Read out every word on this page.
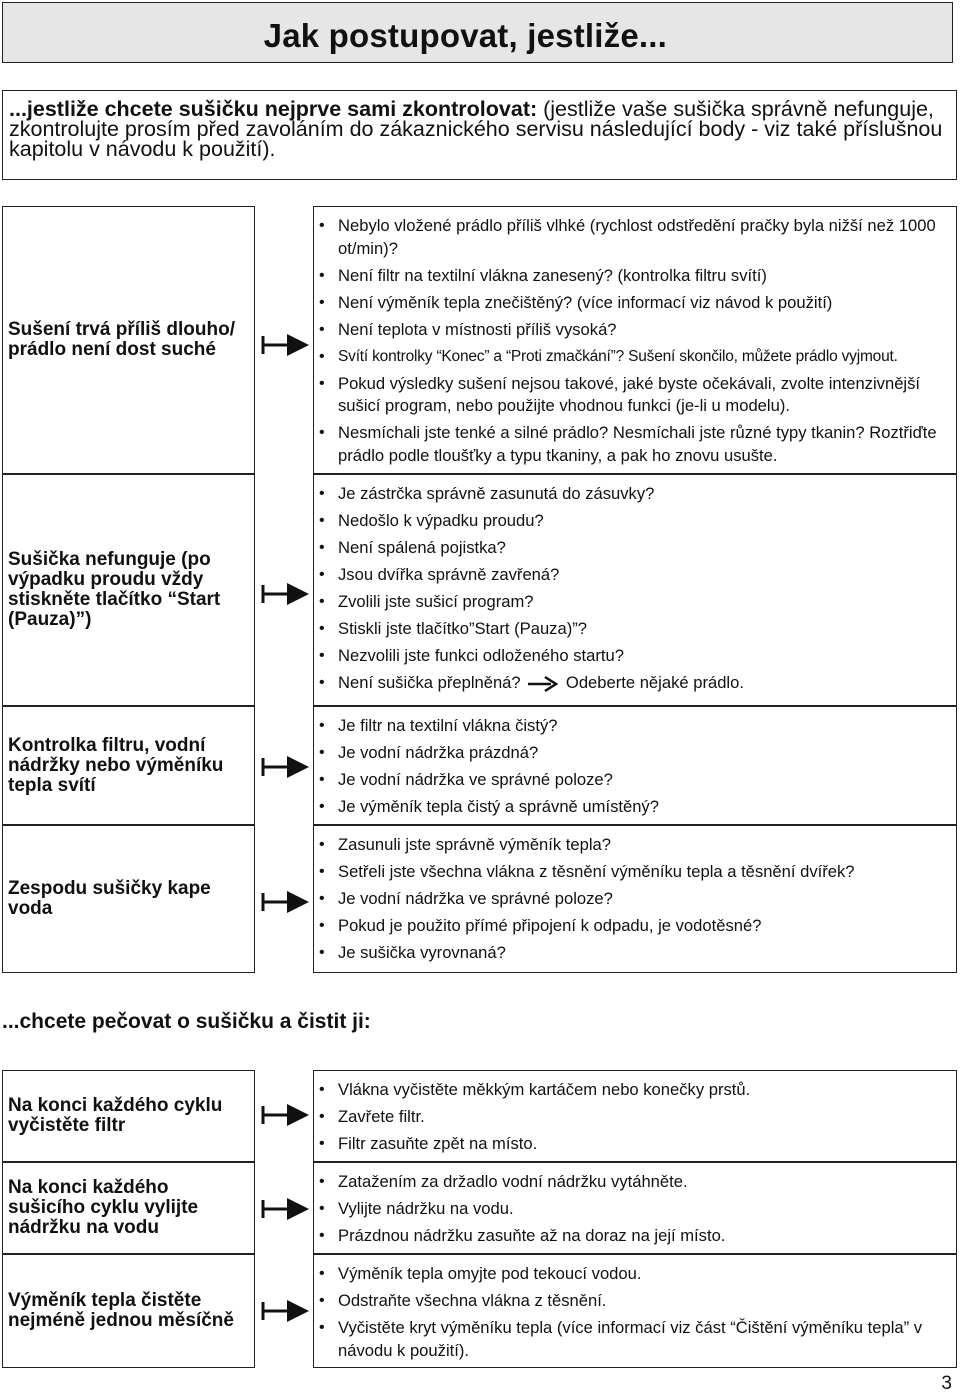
Jak postupovat, jestliže...
...jestliže chcete sušičku nejprve sami zkontrolovat: (jestliže vaše sušička správně nefunguje, zkontrolujte prosím před zavoláním do zákaznického servisu následující body - viz také příslušnou kapitolu v návodu k použití).
Sušení trvá příliš dlouho/ prádlo není dost suché
• Nebylo vložené prádlo příliš vlhké (rychlost odstředění pračky byla nižší než 1000 ot/min)?
• Není filtr na textilní vlákna zanesený? (kontrolka filtru svítí)
• Není výměník tepla znečištěný? (více informací viz návod k použití)
• Není teplota v místnosti příliš vysoká?
• Svítí kontrolky “Konec” a “Proti zmačkání”? Sušení skončilo, můžete prádlo vyjmout.
• Pokud výsledky sušení nejsou takové, jaké byste očekávali, zvolte intenzivnější sušicí program, nebo použijte vhodnou funkci (je-li u modelu).
• Nesmíchali jste tenké a silné prádlo? Nesmíchali jste různé typy tkanin? Roztřiďte prádlo podle tloušťky a typu tkaniny, a pak ho znovu usušte.
Sušička nefunguje (po výpadku proudu vždy stiskněte tlačítko “Start (Pauza)”)
• Je zástrčka správně zasunutá do zásuvky?
• Nedošlo k výpadku proudu?
• Není spálená pojistka?
• Jsou dvířka správně zavřená?
• Zvolili jste sušicí program?
• Stiskli jste tlačítko”Start (Pauza)”?
• Nezvolili jste funkci odloženého startu?
• Není sušička přeplněná?	Odeberte nějaké prádlo.
Kontrolka filtru, vodní nádržky nebo výměníku tepla svítí
• Je filtr na textilní vlákna čistý?
• Je vodní nádržka prázdná?
• Je vodní nádržka ve správné poloze?
• Je výměník tepla čistý a správně umístěný?
Zespodu sušičky kape voda
• Zasunuli jste správně výměník tepla?
• Setřeli jste všechna vlákna z těsnění výměníku tepla a těsnění dvířek?
• Je vodní nádržka ve správné poloze?
• Pokud je použito přímé připojení k odpadu, je vodotěsné?
• Je sušička vyrovnaná?
...chcete pečovat o sušičku a čistit ji:
Na konci každého cyklu vyčistěte filtr
• Vlákna vyčistěte měkkým kartáčem nebo konečky prstů.
• Zavřete filtr.
• Filtr zasuňte zpět na místo.
Na konci každého sušicího cyklu vylijte nádržku na vodu
• Zatažením za držadlo vodní nádržku vytáhněte.
• Vylijte nádržku na vodu.
• Prázdnou nádržku zasuňte až na doraz na její místo.
Výměník tepla čistěte nejméně jednou měsíčně
• Výměník tepla omyjte pod tekoucí vodou.
• Odstraňte všechna vlákna z těsnění.
• Vyčistěte kryt výměníku tepla (více informací viz část “Čištění výměníku tepla” v návodu k použití).
3
